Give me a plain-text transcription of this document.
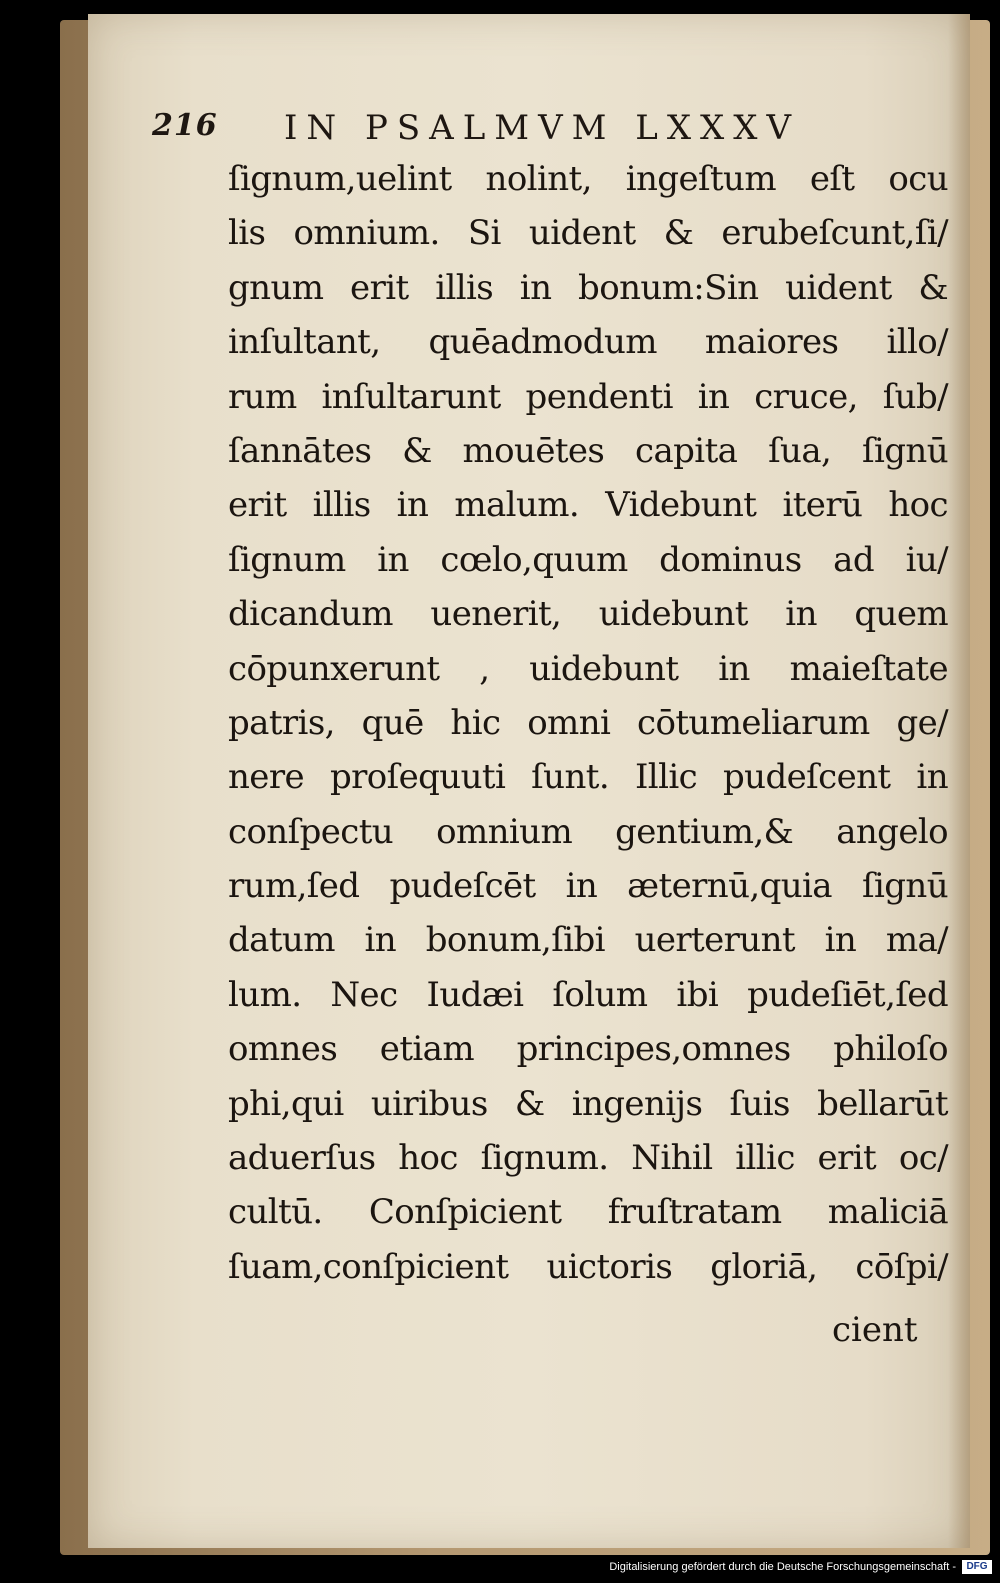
216 IN PSALMVM LXXXV
ſignum,uelint nolint, ingeſtum eſt ocu
lis omnium. Si uident & erubeſcunt,ſi/
gnum erit illis in bonum:Sin uident &
inſultant, quēadmodum maiores illo/
rum inſultarunt pendenti in cruce, ſub/
ſannātes & mouētes capita ſua, ſignū
erit illis in malum. Videbunt iterū hoc
ſignum in cœlo,quum dominus ad iu/
dicandum uenerit, uidebunt in quem
cōpunxerunt , uidebunt in maieſtate
patris, quē hic omni cōtumeliarum ge/
nere proſequuti ſunt. Illic pudeſcent in
conſpectu omnium gentium,& angelo
rum,ſed pudeſcēt in æternū,quia ſignū
datum in bonum,ſibi uerterunt in ma/
lum. Nec Iudæi ſolum ibi pudeſiēt,ſed
omnes etiam principes,omnes philoſo
phi,qui uiribus & ingenijs ſuis bellarūt
aduerſus hoc ſignum. Nihil illic erit oc/
cultū. Conſpicient fruſtratam maliciā
ſuam,conſpicient uictoris gloriā, cōſpi/
cient
Digitalisierung gefördert durch die Deutsche Forschungsgemeinschaft -	DFG
